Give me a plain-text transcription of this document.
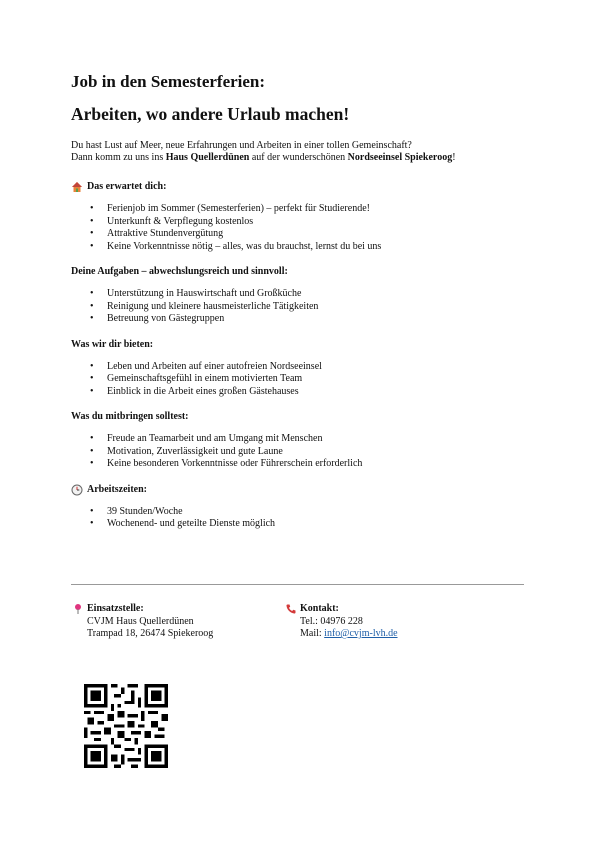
Job in den Semesterferien:
Arbeiten, wo andere Urlaub machen!

Du hast Lust auf Meer, neue Erfahrungen und Arbeiten in einer tollen Gemeinschaft?

Dann komm zu uns ins Haus Quellerdünen auf der wunderschönen Nordseeinsel Spiekeroog!

Das erwartet dich:
• Ferienjob im Sommer (Semesterferien) – perfekt für Studierende!
• Unterkunft & Verpflegung kostenlos
• Attraktive Stundenvergütung
• Keine Vorkenntnisse nötig – alles, was du brauchst, lernst du bei uns
Deine Aufgaben – abwechslungsreich und sinnvoll:
• Unterstützung in Hauswirtschaft und Großküche
• Reinigung und kleinere hausmeisterliche Tätigkeiten
• Betreuung von Gästegruppen
Was wir dir bieten:
• Leben und Arbeiten auf einer autofreien Nordseeinsel
• Gemeinschaftsgefühl in einem motivierten Team
• Einblick in die Arbeit eines großen Gästehauses
Was du mitbringen solltest:
• Freude an Teamarbeit und am Umgang mit Menschen
• Motivation, Zuverlässigkeit und gute Laune
• Keine besonderen Vorkenntnisse oder Führerschein erforderlich
Arbeitszeiten:
• 39 Stunden/Woche
• Wochenend- und geteilte Dienste möglich
Einsatzstelle:
CVJM Haus Quellerdünen
Trampad 18, 26474 Spiekeroog
Kontakt:
Tel.: 04976 228
Mail: info@cvjm-lvh.de
